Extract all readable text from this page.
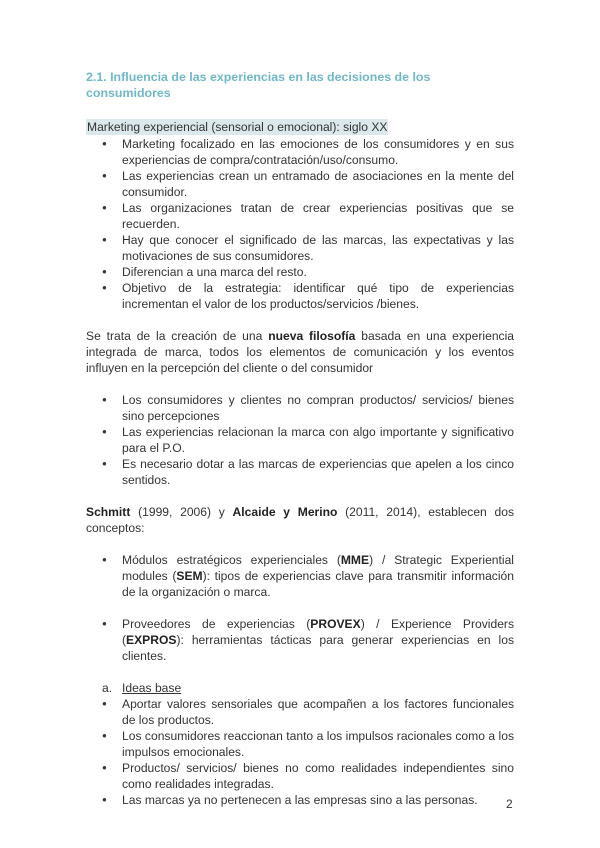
2.1. Influencia de las experiencias en las decisiones de los consumidores
Marketing experiencial (sensorial o emocional): siglo XX
● Marketing focalizado en las emociones de los consumidores y en sus experiencias de compra/contratación/uso/consumo.
● Las experiencias crean un entramado de asociaciones en la mente del consumidor.
● Las organizaciones tratan de crear experiencias positivas que se recuerden.
● Hay que conocer el significado de las marcas, las expectativas y las motivaciones de sus consumidores.
● Diferencian a una marca del resto.
● Objetivo de la estrategia: identificar qué tipo de experiencias incrementan el valor de los productos/servicios /bienes.

Se trata de la creación de una nueva filosofía basada en una experiencia integrada de marca, todos los elementos de comunicación y los eventos influyen en la percepción del cliente o del consumidor

● Los consumidores y clientes no compran productos/ servicios/ bienes sino percepciones
● Las experiencias relacionan la marca con algo importante y significativo para el P.O.
● Es necesario dotar a las marcas de experiencias que apelen a los cinco sentidos.

Schmitt (1999, 2006) y Alcaide y Merino (2011, 2014), establecen dos conceptos:

● Módulos estratégicos experienciales (MME) / Strategic Experiential modules (SEM): tipos de experiencias clave para transmitir información de la organización o marca.
● Proveedores de experiencias (PROVEX) / Experience Providers (EXPROS): herramientas tácticas para generar experiencias en los clientes.
a. Ideas base
● Aportar valores sensoriales que acompañen a los factores funcionales de los productos.
● Los consumidores reaccionan tanto a los impulsos racionales como a los impulsos emocionales.
● Productos/ servicios/ bienes no como realidades independientes sino como realidades integradas.
● Las marcas ya no pertenecen a las empresas sino a las personas.	2
